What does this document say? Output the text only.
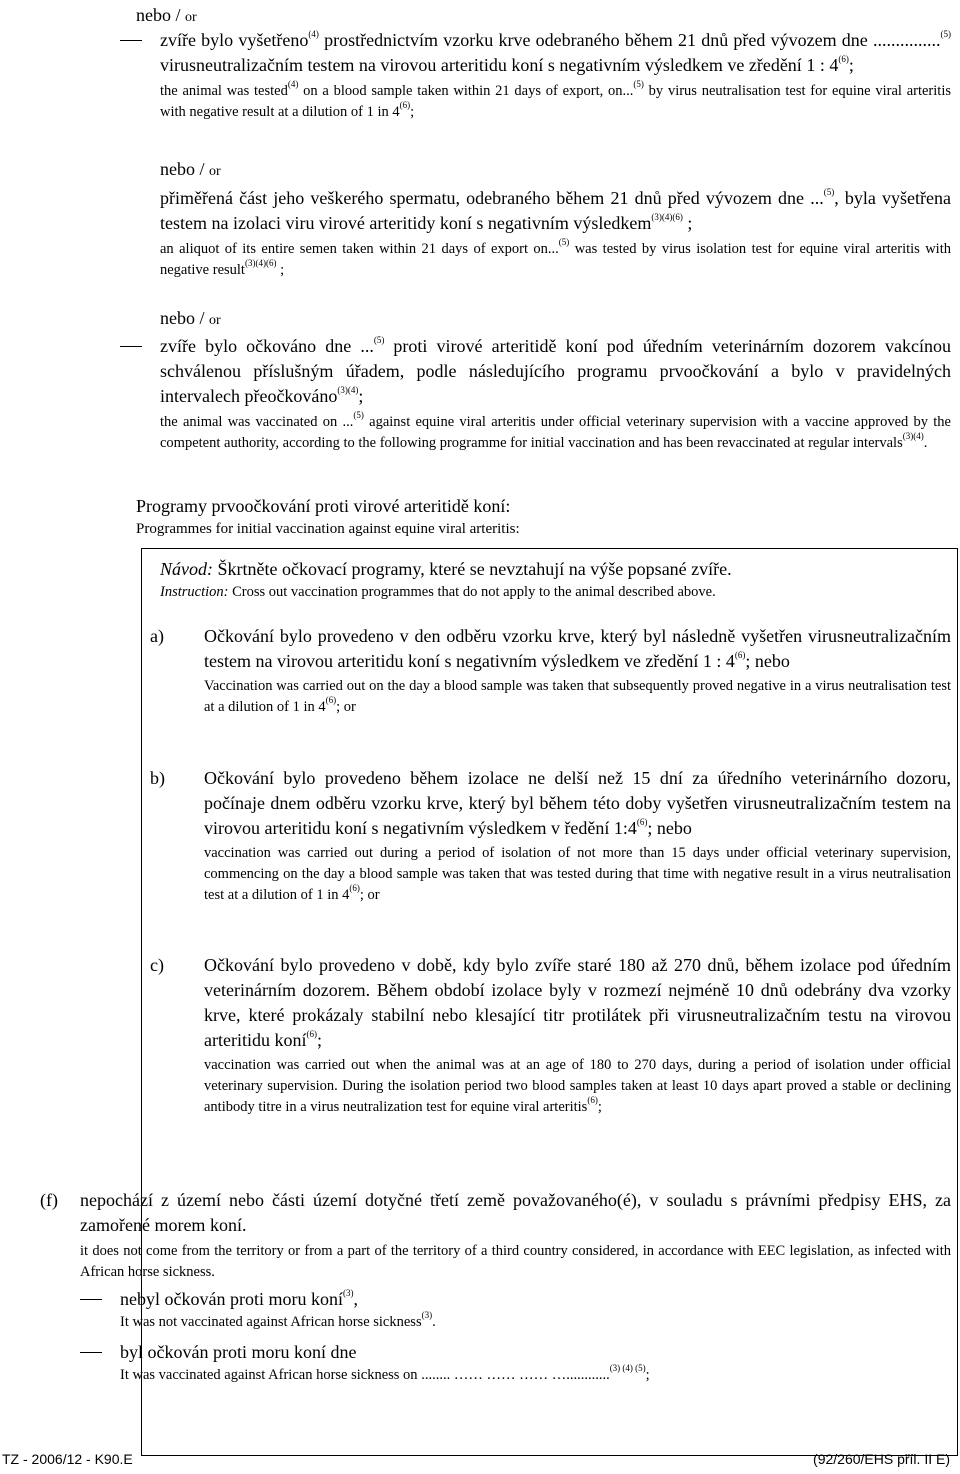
nebo / or
zvíře bylo vyšetřeno$^{(4)}$ prostřednictvím vzorku krve odebraného během 21 dnů před vývozem dne ...............$^{(5)}$ virusneutralizačním testem na virovou arteritidu koní s negativním výsledkem ve zředění 1 : 4$^{(6)}$;
the animal was tested$^{(4)}$ on a blood sample taken within 21 days of export, on...$^{(5)}$ by virus neutralisation test for equine viral arteritis with negative result at a dilution of 1 in 4$^{(6)}$;
nebo / or
přiměřená část jeho veškerého spermatu, odebraného během 21 dnů před vývozem dne ...$^{(5)}$, byla vyšetřena testem na izolaci viru virové arteritidy koní s negativním výsledkem$^{(3)(4)(6)}$ ;
an aliquot of its entire semen taken within 21 days of export on...$^{(5)}$ was tested by virus isolation test for equine viral arteritis with negative result$^{(3)(4)(6)}$ ;
nebo / or
zvíře bylo očkováno dne ...$^{(5)}$ proti virové arteritidě koní pod úředním veterinárním dozorem vakcínou schválenou příslušným úřadem, podle následujícího programu prvoočkování a bylo v pravidelných intervalech přeočkováno$^{(3)(4)}$;
the animal was vaccinated on ...$^{(5)}$ against equine viral arteritis under official veterinary supervision with a vaccine approved by the competent authority, according to the following programme for initial vaccination and has been revaccinated at regular intervals$^{(3)(4)}$.
Programy prvoočkování proti virové arteritidě koní:
Programmes for initial vaccination against equine viral arteritis:
Návod: Škrtněte očkovací programy, které se nevztahují na výše popsané zvíře.
Instruction: Cross out vaccination programmes that do not apply to the animal described above.
a) Očkování bylo provedeno v den odběru vzorku krve, který byl následně vyšetřen virusneutralizačním testem na virovou arteritidu koní s negativním výsledkem ve zředění 1 : 4$^{(6)}$; nebo
Vaccination was carried out on the day a blood sample was taken that subsequently proved negative in a virus neutralisation test at a dilution of 1 in 4$^{(6)}$; or
b) Očkování bylo provedeno během izolace ne delší než 15 dní za úředního veterinárního dozoru, počínaje dnem odběru vzorku krve, který byl během této doby vyšetřen virusneutralizačním testem na virovou arteritidu koní s negativním výsledkem v ředění 1:4$^{(6)}$; nebo
vaccination was carried out during a period of isolation of not more than 15 days under official veterinary supervision, commencing on the day a blood sample was taken that was tested during that time with negative result in a virus neutralisation test at a dilution of 1 in 4$^{(6)}$; or
c) Očkování bylo provedeno v době, kdy bylo zvíře staré 180 až 270 dnů, během izolace pod úředním veterinárním dozorem. Během období izolace byly v rozmezí nejméně 10 dnů odebrány dva vzorky krve, které prokázaly stabilní nebo klesající titr protilátek při virusneutralizačním testu na virovou arteritidu koní$^{(6)}$;
vaccination was carried out when the animal was at an age of 180 to 270 days, during a period of isolation under official veterinary supervision. During the isolation period two blood samples taken at least 10 days apart proved a stable or declining antibody titre in a virus neutralization test for equine viral arteritis$^{(6)}$;
(f) nepochází z území nebo části území dotyčné třetí země považovaného(é), v souladu s právními předpisy EHS, za zamořené morem koní.
it does not come from the territory or from a part of the territory of a third country considered, in accordance with EEC legislation, as infected with African horse sickness.
nebyl očkován proti moru koní$^{(3)}$,
It was not vaccinated against African horse sickness$^{(3)}$.
byl očkován proti moru koní dne
It was vaccinated against African horse sickness on ........ …… …… …… …............$^{(3) (4) (5)}$;
TZ - 2006/12 - K90.E	(92/260/EHS příl. II E)
